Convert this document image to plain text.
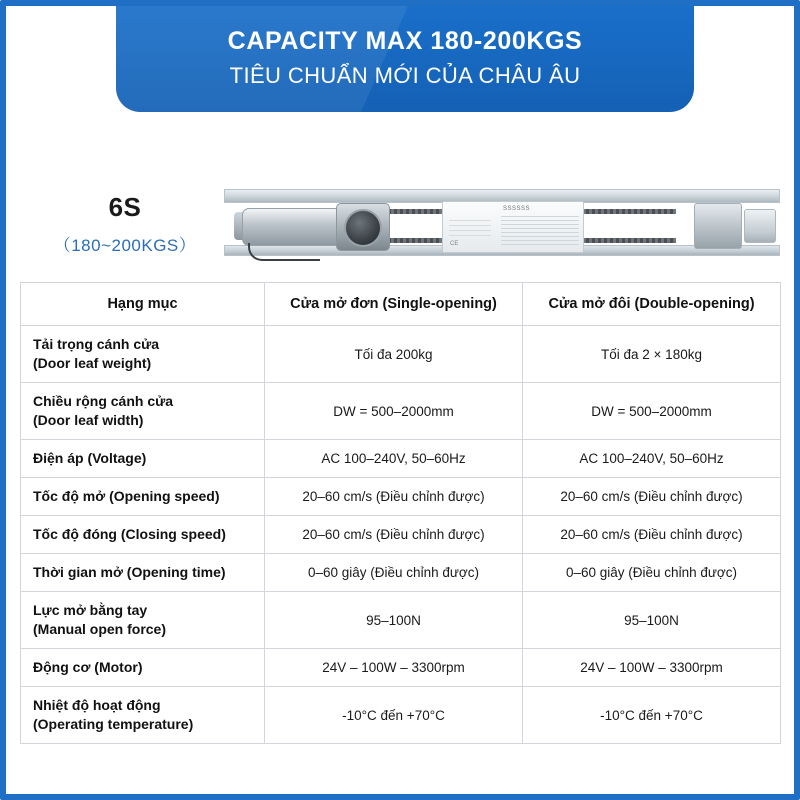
CAPACITY MAX 180-200KGS
TIÊU CHUẨN MỚI CỦA CHÂU ÂU
6S
（180~200KGS）
SSSSSS
CE
Hạng mục	Cửa mở đơn (Single-opening)	Cửa mở đôi (Double-opening)

Tải trọng cánh cửa
(Door leaf weight)	Tối đa 200kg	Tối đa 2 × 180kg

Chiều rộng cánh cửa
(Door leaf width)	DW = 500–2000mm	DW = 500–2000mm

Điện áp (Voltage)	AC 100–240V, 50–60Hz	AC 100–240V, 50–60Hz

Tốc độ mở (Opening speed)	20–60 cm/s (Điều chỉnh được)	20–60 cm/s (Điều chỉnh được)

Tốc độ đóng (Closing speed)	20–60 cm/s (Điều chỉnh được)	20–60 cm/s (Điều chỉnh được)

Thời gian mở (Opening time)	0–60 giây (Điều chỉnh được)	0–60 giây (Điều chỉnh được)

Lực mở bằng tay
(Manual open force)	95–100N	95–100N

Động cơ (Motor)	24V – 100W – 3300rpm	24V – 100W – 3300rpm

Nhiệt độ hoạt động
(Operating temperature)	-10°C đến +70°C	-10°C đến +70°C
